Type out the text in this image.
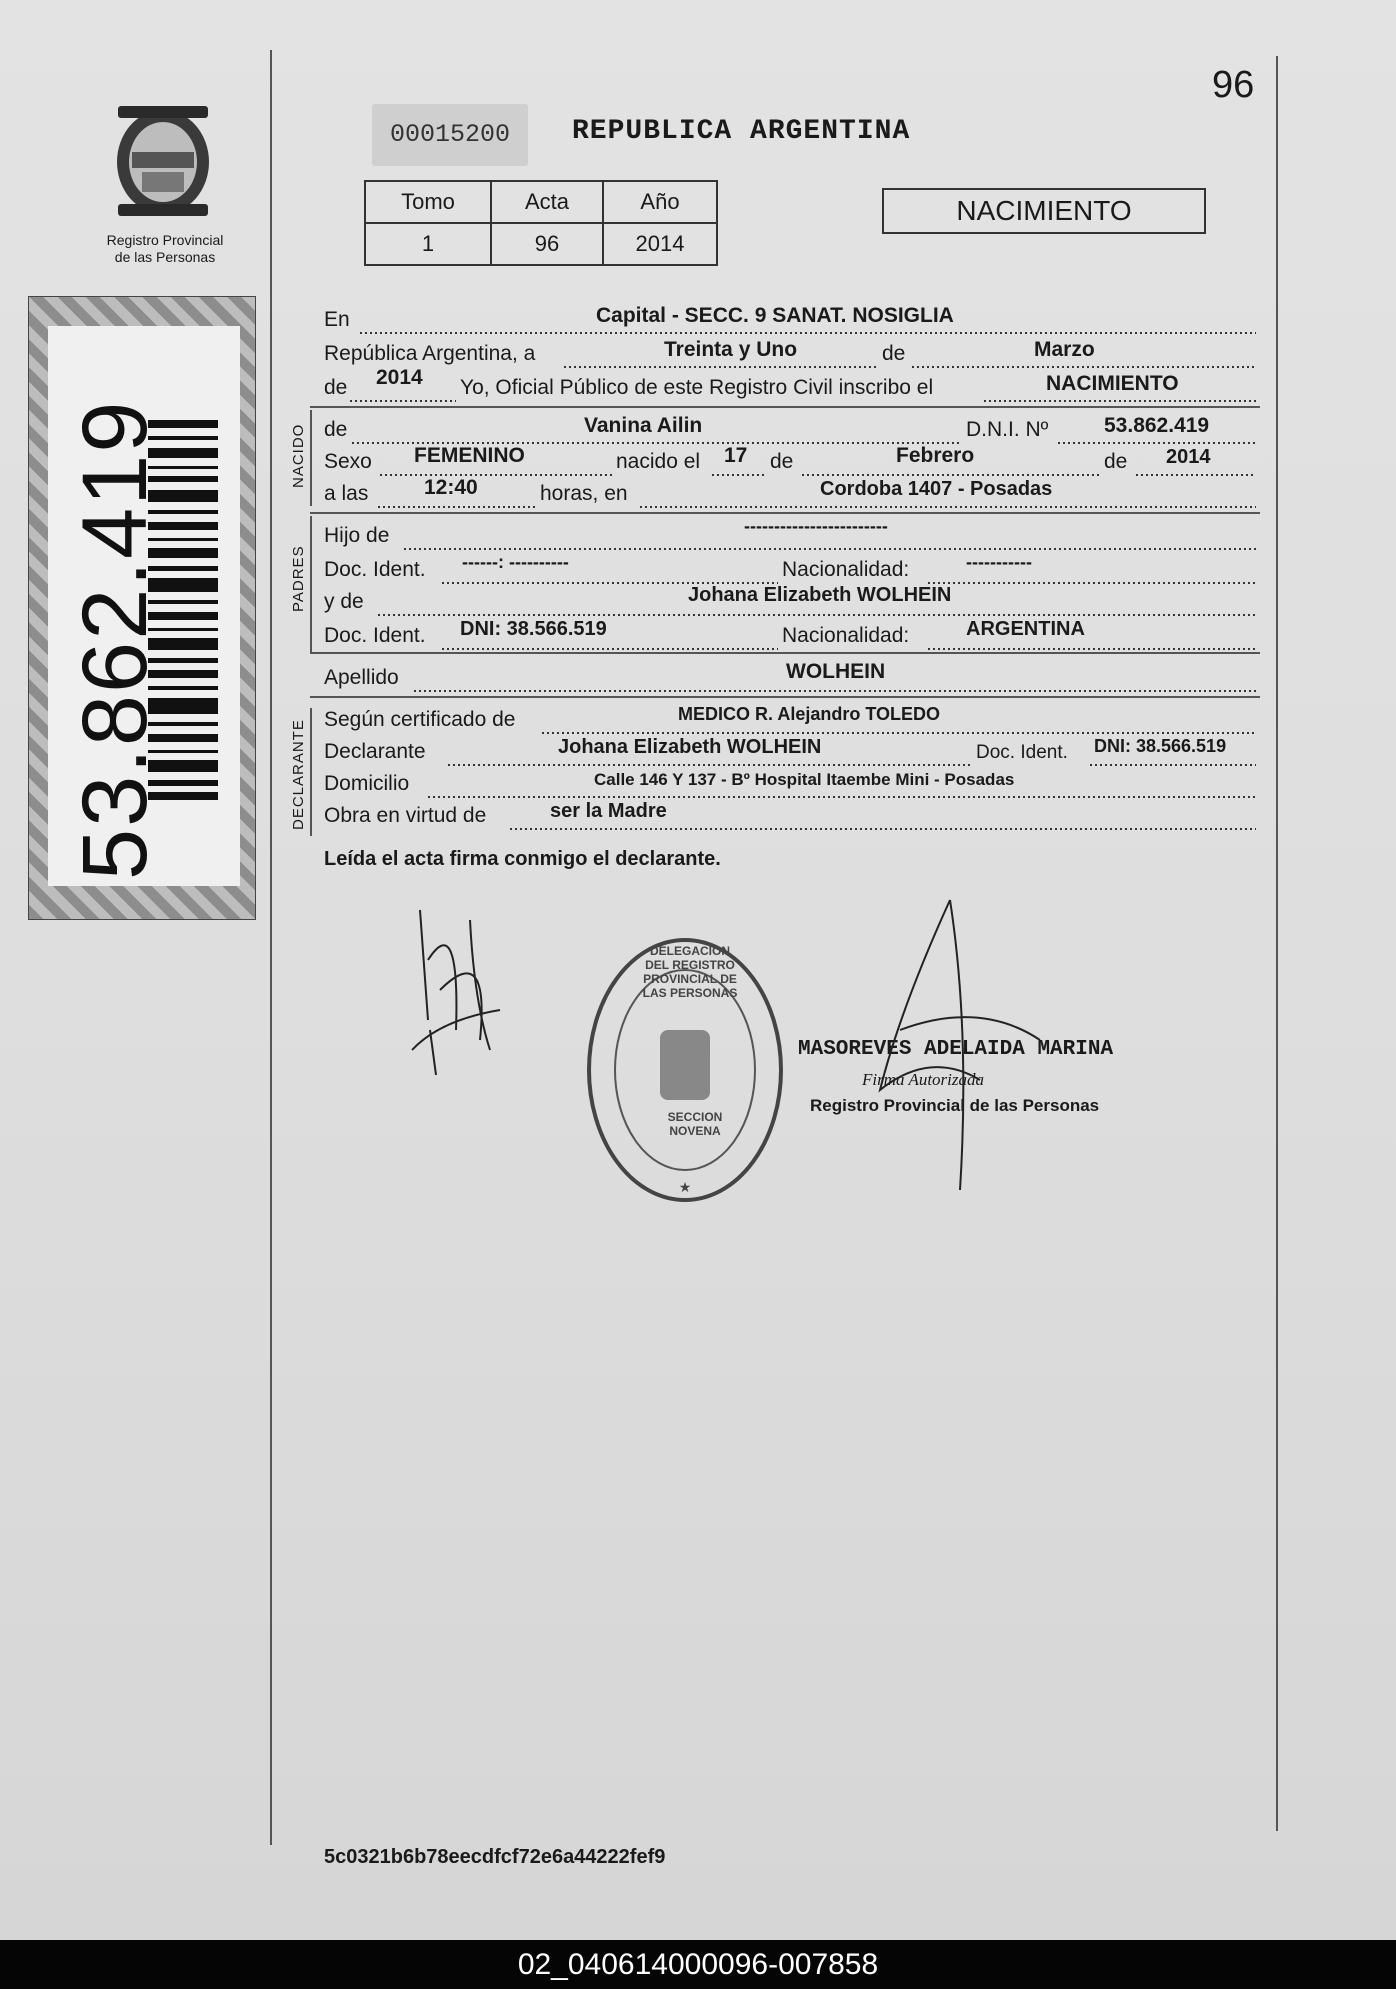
Registro Provincial
de las Personas
53.862.419
00015200	REPUBLICA ARGENTINA
96
Tomo	Acta	Año
1	96	2014
NACIMIENTO
En	Capital - SECC. 9 SANAT. NOSIGLIA
República Argentina, a	Treinta y Uno	de	Marzo
de 2014 Yo, Oficial Público de este Registro Civil inscribo el	NACIMIENTO
NACIDO de	Vanina Ailin	D.N.I. Nº	53.862.419
Sexo FEMENINO	nacido el 17 de	Febrero	de 2014
a las	12:40	horas, en	Cordoba 1407 - Posadas
PADRES
Hijo de	------------------------
Doc. Ident. ------: ----------	Nacionalidad:	-----------
y de	Johana Elizabeth WOLHEIN
Doc. Ident. DNI: 38.566.519	Nacionalidad:	ARGENTINA
Apellido	WOLHEIN
DECLARANTE Según certificado de	MEDICO R. Alejandro TOLEDO
Declarante	Johana Elizabeth WOLHEIN	Doc. Ident. DNI: 38.566.519
Domicilio	Calle 146 Y 137 - Bº Hospital Itaembe Mini - Posadas
Obra en virtud de	ser la Madre
Leída el acta firma conmigo el declarante.
★
DELEGACION DEL REGISTRO PROVINCIAL DE LAS PERSONAS
SECCION NOVENA
MASOREVES ADELAIDA MARINA
Firma Autorizada
Registro Provincial de las Personas
5c0321b6b78eecdfcf72e6a44222fef9
02_040614000096-007858
